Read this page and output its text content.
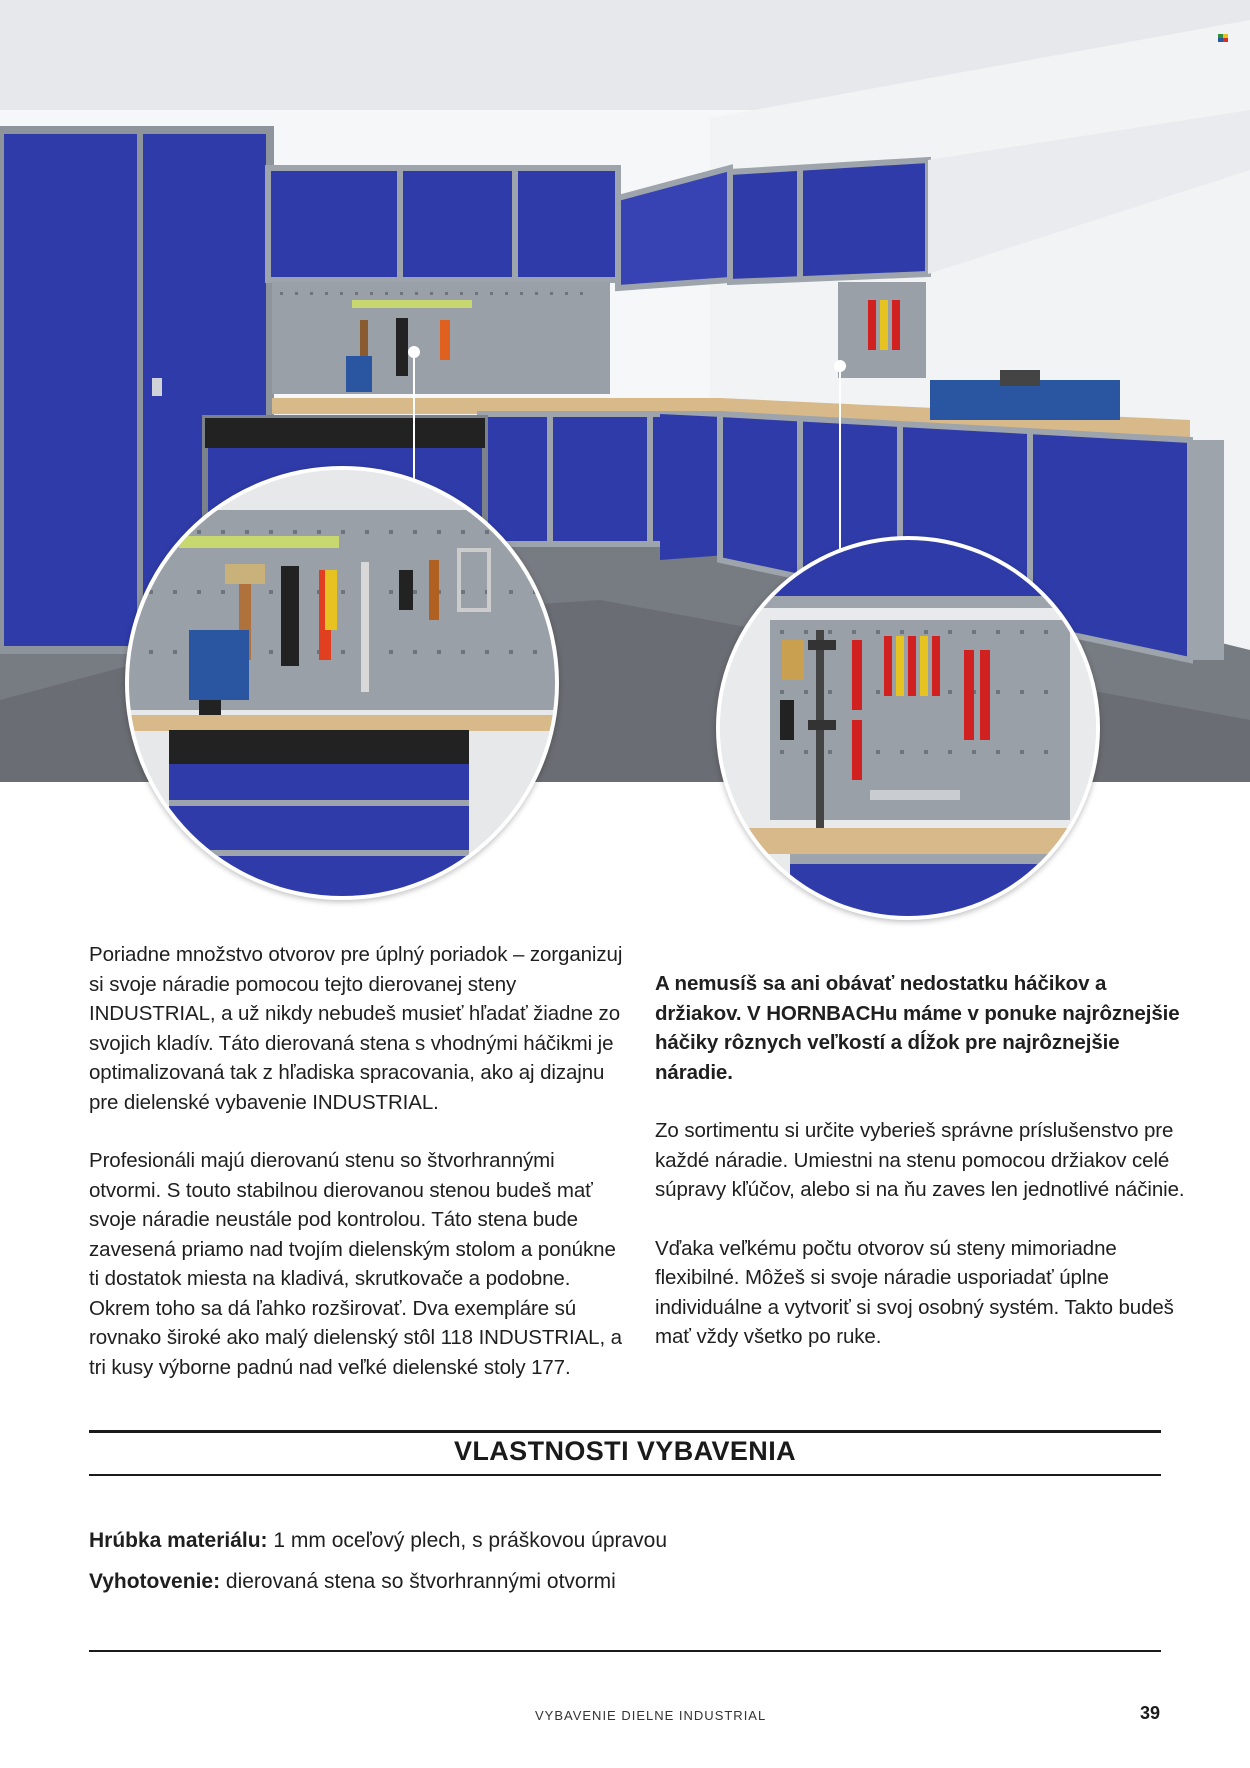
Poriadne množstvo otvorov pre úplný poriadok – zorganizuj si svoje náradie pomocou tejto dierovanej steny INDUSTRIAL, a už nikdy nebudeš musieť hľadať žiadne zo svojich kladív. Táto dierovaná stena s vhodnými háčikmi je optimalizovaná tak z hľadiska spracovania, ako aj dizajnu pre dielenské vybavenie INDUSTRIAL.

Profesionáli majú dierovanú stenu so štvorhrannými otvormi. S touto stabilnou dierovanou stenou budeš mať svoje náradie neustále pod kontrolou. Táto stena bude zavesená priamo nad tvojím dielenským stolom a ponúkne ti dostatok miesta na kladivá, skrutkovače a podobne. Okrem toho sa dá ľahko rozširovať. Dva exempláre sú rovnako široké ako malý dielenský stôl 118 INDUSTRIAL, a tri kusy výborne padnú nad veľké dielenské stoly 177.

A nemusíš sa ani obávať nedostatku háčikov a držiakov. V HORNBACHu máme v ponuke najrôznejšie háčiky rôznych veľkostí a dĺžok pre najrôznejšie náradie.

Zo sortimentu si určite vyberieš správne príslušenstvo pre každé náradie. Umiestni na stenu pomocou držiakov celé súpravy kľúčov, alebo si na ňu zaves len jednotlivé náčinie.

Vďaka veľkému počtu otvorov sú steny mimoriadne flexibilné. Môžeš si svoje náradie usporiadať úplne individuálne a vytvoriť si svoj osobný systém. Takto budeš mať vždy všetko po ruke.

VLASTNOSTI VYBAVENIA
Hrúbka materiálu: 1 mm oceľový plech, s práškovou úpravou
Vyhotovenie: dierovaná stena so štvorhrannými otvormi
VYBAVENIE DIELNE INDUSTRIAL	39
